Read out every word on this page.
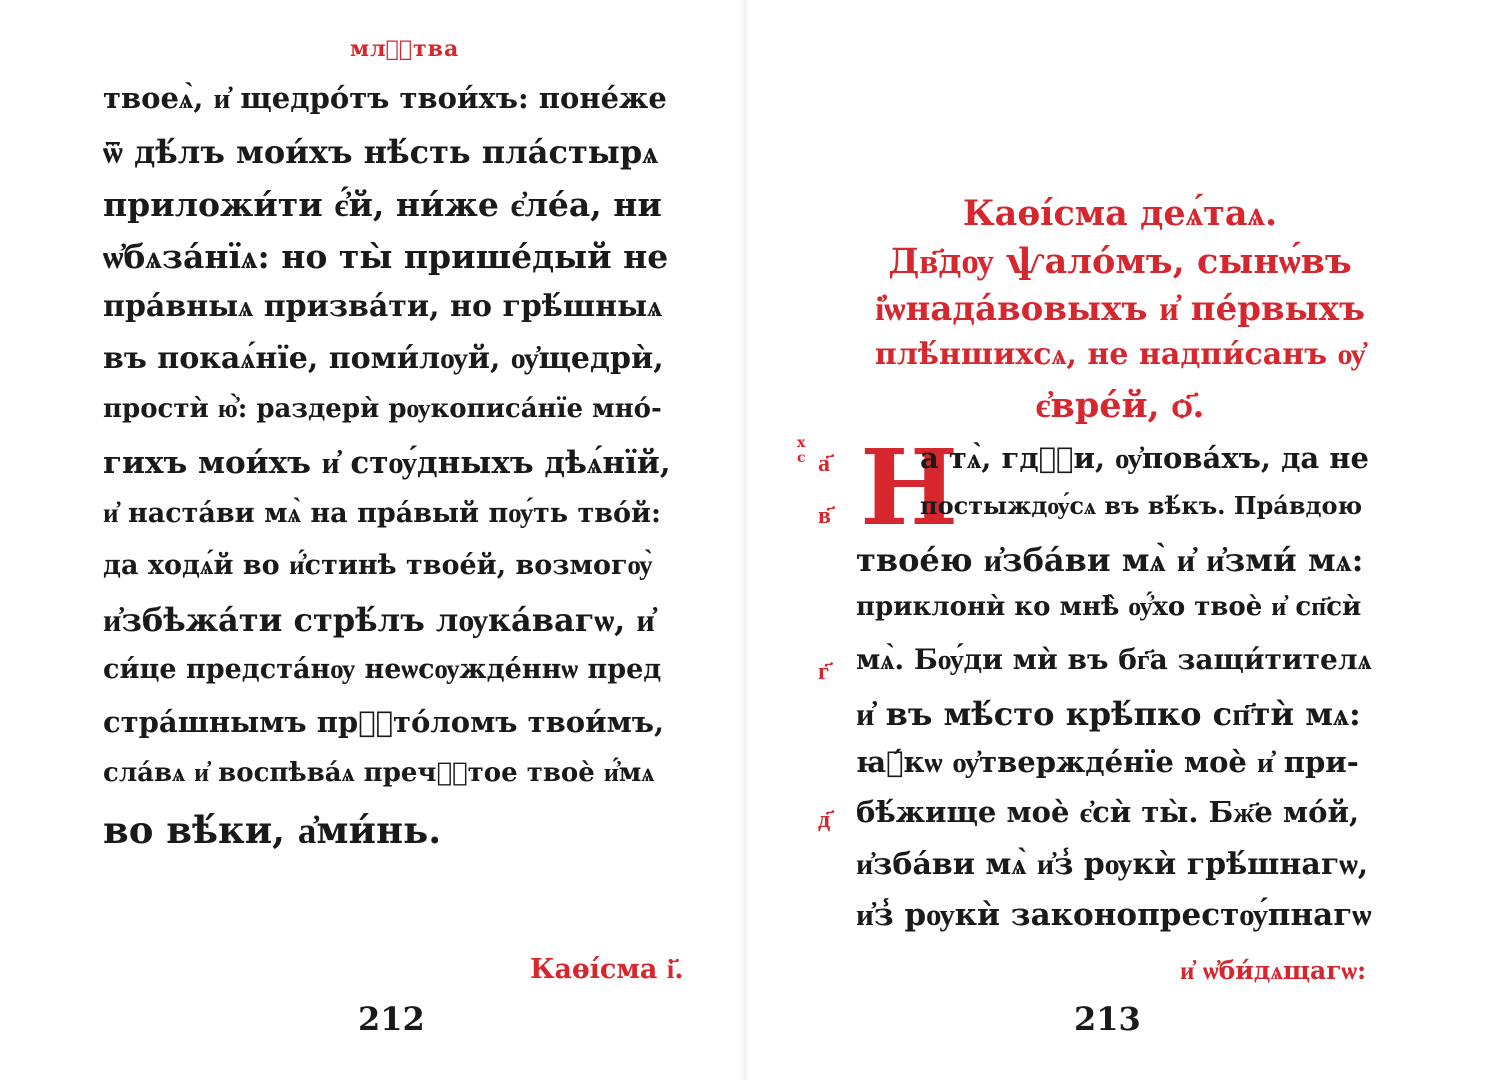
млⷮ҇тва

твоеѧ̀, и҆ щедро́тъ твои́хъ: поне́же

ѿ дѣ́лъ мои́хъ нѣ́сть пла́стырѧ

приложи́ти є҆́й, ни́же є҆ле́а, ни

ѡ҆бѧза́нїѧ: но ты̀ прише́дый не

пра́вныѧ призва́ти, но грѣ́шныѧ

въ покаѧ́нїе, поми́лѹй, ѹ҆щедрѝ,

простѝ ю҆̀: раздерѝ рѹкописа́нїе мно́-

гихъ мои́хъ и҆ стѹ́дныхъ дѣѧ́нїй,

и҆ наста́ви мѧ̀ на пра́вый пѹ́ть тво́й:

да ходѧ́й во и҆́стинѣ твое́й, возмогѹ̀

и҆збѣжа́ти стрѣ́лъ лѹка́вагѡ, и҆

си́це предста́нѹ неѡсѹжде́ннѡ пред

стра́шнымъ прⷭ҇то́ломъ твои́мъ,

сла́вѧ и҆ воспѣва́ѧ пречⷭ҇тое твоѐ и҆́мѧ

во вѣ́ки, а҆ми́нь.

Каѳі́сма і҃.
212

Каѳі́сма деѧ́таѧ.

Дв҃дѹ ѱало́мъ, сынѡ́въ

і҆ѡнада́вовыхъ и҆ пе́рвыхъ

плѣ́ншихсѧ, не надпи́санъ ѹ҆

є҆вре́й, ѻ҃.

х с а҃
в҃
г҃
д҃
Н

а тѧ̀, гдⷭ҇и, ѹ҆пова́хъ, да не

постыждѹ́сѧ въ вѣ́къ. Пра́вдою

твое́ю и҆зба́ви мѧ̀ и҆ и҆зми́ мѧ:

приклонѝ ко мнѣ̀ ѹ҆́хо твоѐ и҆ сп҃сѝ

мѧ̀. Бѹ́ди мѝ въ бг҃а защи́тителѧ

и҆ въ мѣ́сто крѣ́пко сп҃тѝ мѧ:

ꙗ҆́кѡ ѹ҆твержде́нїе моѐ и҆ при-

бѣ́жище моѐ є҆сѝ ты̀. Бж҃е мо́й,

и҆зба́ви мѧ̀ и҆з̾ рѹкѝ грѣ́шнагѡ,

и҆з̾ рѹкѝ законопрестѹ́пнагѡ

и҆ ѡ҆би́дѧщагѡ:
213
